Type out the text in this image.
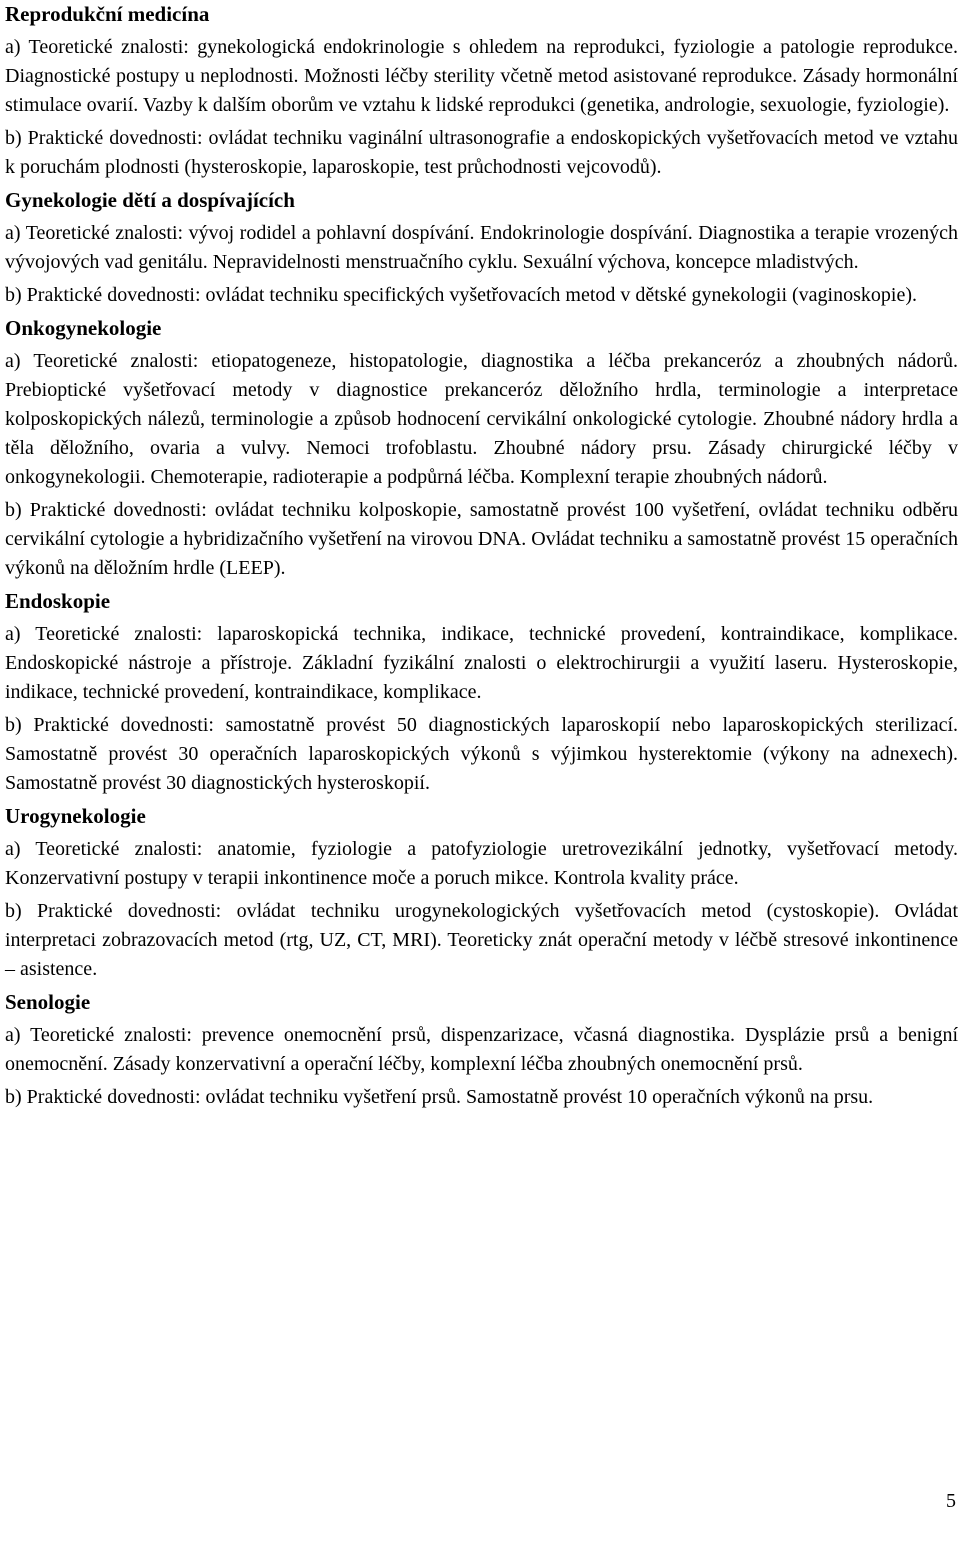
Reprodukční medicína

a) Teoretické znalosti: gynekologická endokrinologie s ohledem na reprodukci, fyziologie a patologie reprodukce. Diagnostické postupy u neplodnosti. Možnosti léčby sterility včetně metod asistované reprodukce. Zásady hormonální stimulace ovarií. Vazby k dalším oborům ve vztahu k lidské reprodukci (genetika, andrologie, sexuologie, fyziologie).

b) Praktické dovednosti: ovládat techniku vaginální ultrasonografie a endoskopických vyšetřovacích metod ve vztahu k poruchám plodnosti (hysteroskopie, laparoskopie, test průchodnosti vejcovodů).

Gynekologie dětí a dospívajících

a) Teoretické znalosti: vývoj rodidel a pohlavní dospívání. Endokrinologie dospívání. Diagnostika a terapie vrozených vývojových vad genitálu. Nepravidelnosti menstruačního cyklu. Sexuální výchova, koncepce mladistvých.

b) Praktické dovednosti: ovládat techniku specifických vyšetřovacích metod v dětské gynekologii (vaginoskopie).

Onkogynekologie

a) Teoretické znalosti: etiopatogeneze, histopatologie, diagnostika a léčba prekanceróz a zhoubných nádorů. Prebioptické vyšetřovací metody v diagnostice prekanceróz děložního hrdla, terminologie a interpretace kolposkopických nálezů, terminologie a způsob hodnocení cervikální onkologické cytologie. Zhoubné nádory hrdla a těla děložního, ovaria a vulvy. Nemoci trofoblastu. Zhoubné nádory prsu. Zásady chirurgické léčby v onkogynekologii. Chemoterapie, radioterapie a podpůrná léčba. Komplexní terapie zhoubných nádorů.

b) Praktické dovednosti: ovládat techniku kolposkopie, samostatně provést 100 vyšetření, ovládat techniku odběru cervikální cytologie a hybridizačního vyšetření na virovou DNA. Ovládat techniku a samostatně provést 15 operačních výkonů na děložním hrdle (LEEP).

Endoskopie

a) Teoretické znalosti: laparoskopická technika, indikace, technické provedení, kontraindikace, komplikace. Endoskopické nástroje a přístroje. Základní fyzikální znalosti o elektrochirurgii a využití laseru. Hysteroskopie, indikace, technické provedení, kontraindikace, komplikace.

b) Praktické dovednosti: samostatně provést 50 diagnostických laparoskopií nebo laparoskopických sterilizací. Samostatně provést 30 operačních laparoskopických výkonů s výjimkou hysterektomie (výkony na adnexech). Samostatně provést 30 diagnostických hysteroskopií.

Urogynekologie

a) Teoretické znalosti: anatomie, fyziologie a patofyziologie uretrovezikální jednotky, vyšetřovací metody. Konzervativní postupy v terapii inkontinence moče a poruch mikce. Kontrola kvality práce.

b) Praktické dovednosti: ovládat techniku urogynekologických vyšetřovacích metod (cystoskopie). Ovládat interpretaci zobrazovacích metod (rtg, UZ, CT, MRI). Teoreticky znát operační metody v léčbě stresové inkontinence – asistence.

Senologie

a) Teoretické znalosti: prevence onemocnění prsů, dispenzarizace, včasná diagnostika. Dysplázie prsů a benigní onemocnění. Zásady konzervativní a operační léčby, komplexní léčba zhoubných onemocnění prsů.

b) Praktické dovednosti: ovládat techniku vyšetření prsů. Samostatně provést 10 operačních výkonů na prsu.

5
